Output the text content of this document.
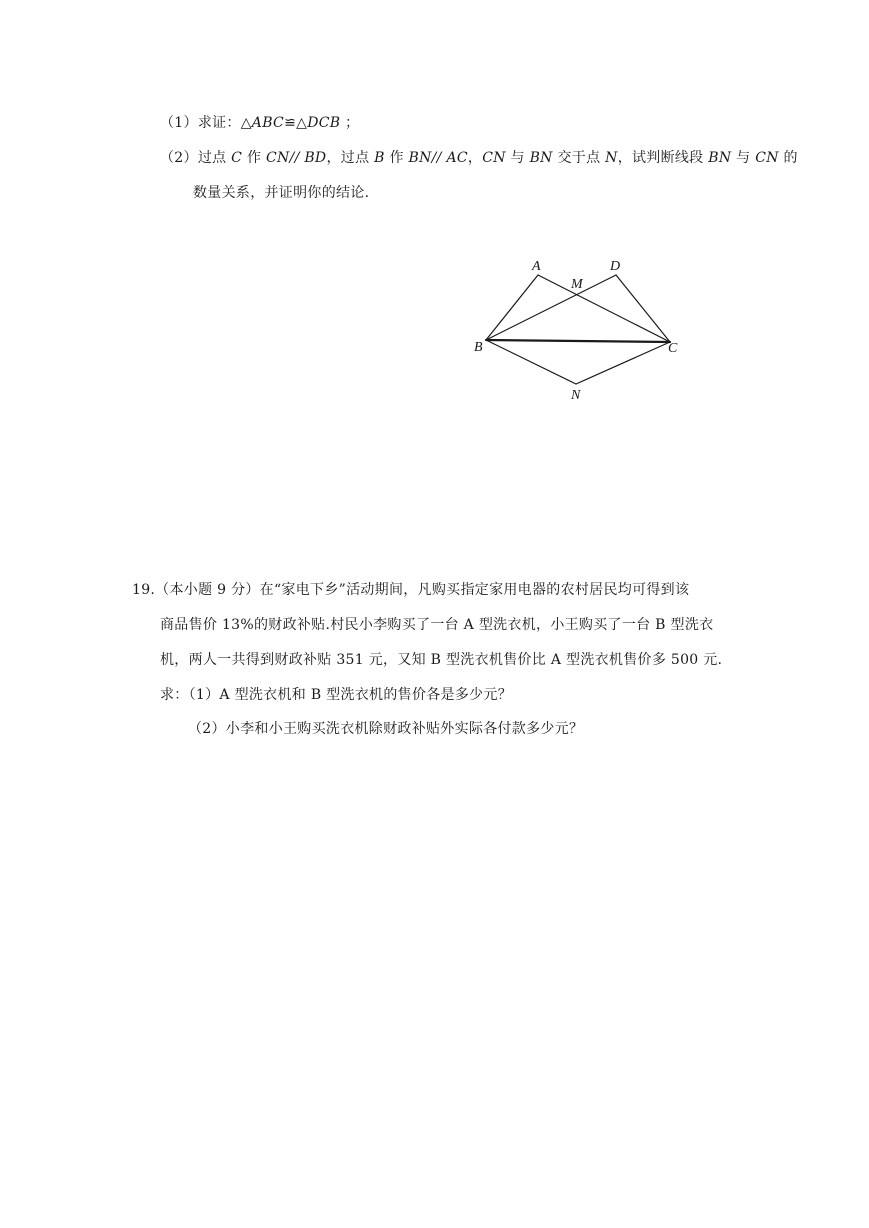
（1）求证：△ABC≌△DCB ；
（2）过点 C 作 CN// BD，过点 B 作 BN// AC，CN 与 BN 交于点 N，试判断线段 BN 与 CN 的
数量关系，并证明你的结论.
A	D
M
B	C
N
19.（本小题 9 分）在“家电下乡”活动期间，凡购买指定家用电器的农村居民均可得到该
商品售价 13%的财政补贴.村民小李购买了一台 A 型洗衣机，小王购买了一台 B 型洗衣
机，两人一共得到财政补贴 351 元，又知 B 型洗衣机售价比 A 型洗衣机售价多 500 元.
求：（1）A 型洗衣机和 B 型洗衣机的售价各是多少元？
（2）小李和小王购买洗衣机除财政补贴外实际各付款多少元？
